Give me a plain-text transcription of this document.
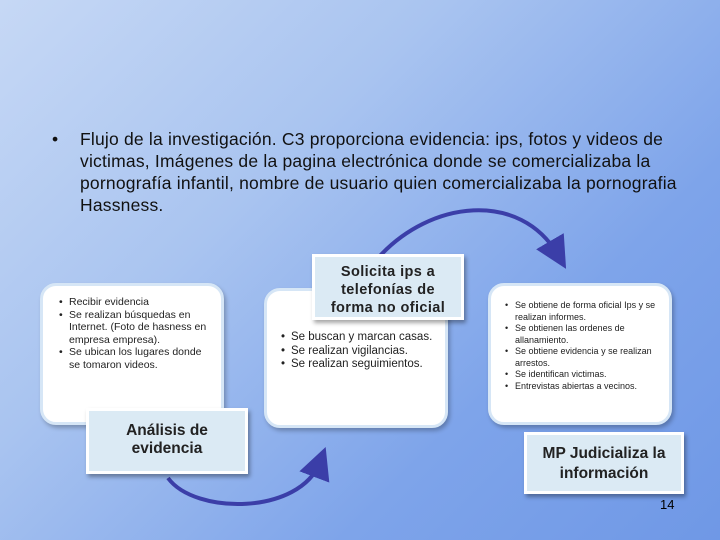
•	Flujo de la investigación. C3 proporciona evidencia: ips, fotos y videos de victimas, Imágenes de la pagina electrónica donde se comercializaba la pornografía infantil, nombre de usuario quien comercializaba la pornografia Hassness.
• Recibir evidencia
• Se realizan búsquedas en Internet. (Foto de hasness en empresa empresa).
• Se ubican los lugares donde se tomaron videos.
Análisis de evidencia
• Se buscan y marcan casas.
• Se realizan vigilancias.
• Se realizan seguimientos.
Solicita ips a telefonías de forma no oficial
•	Se obtiene de forma oficial Ips y se realizan informes.
• Se obtienen las ordenes de allanamiento.
• Se obtiene evidencia y se realizan arrestos.
• Se identifican victimas.
• Entrevistas abiertas a vecinos.
MP Judicializa la información
14
